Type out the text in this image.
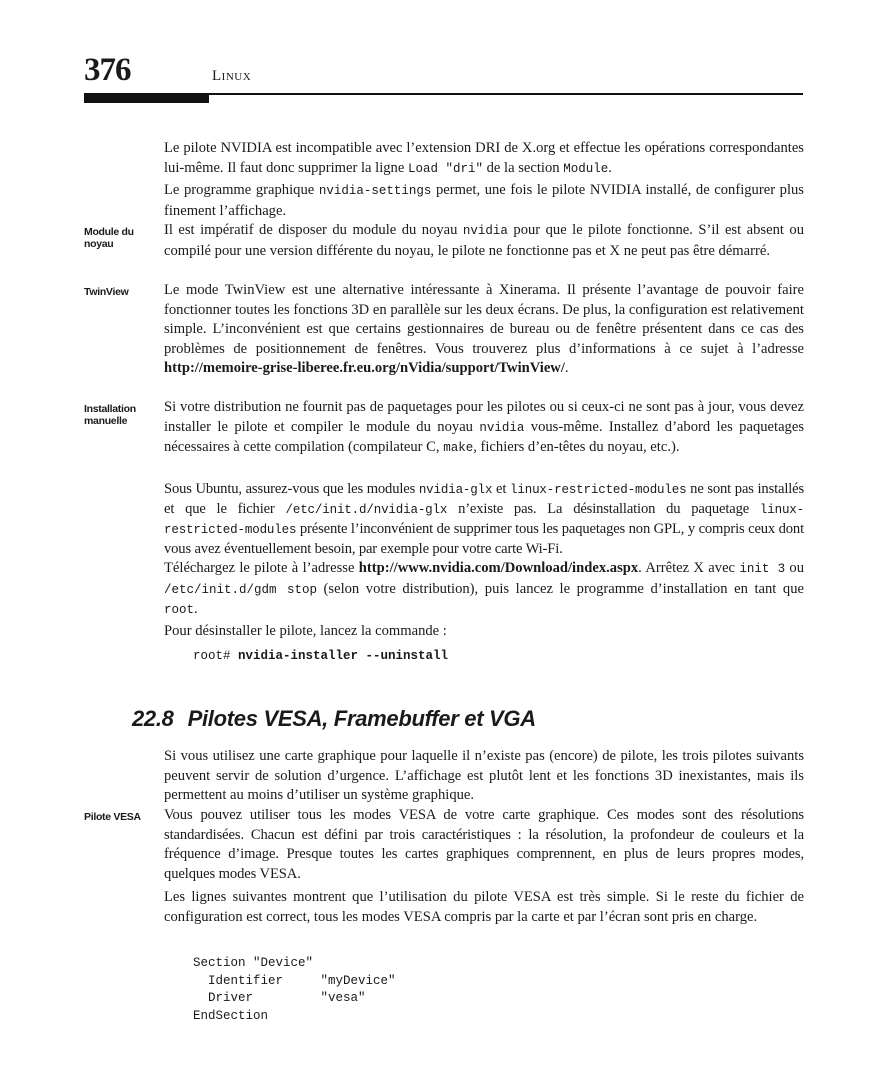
376	Linux

Le pilote NVIDIA est incompatible avec l’extension DRI de X.org et effectue les opérations correspondantes lui-même. Il faut donc supprimer la ligne Load "dri" de la section Module.

Le programme graphique nvidia-settings permet, une fois le pilote NVIDIA installé, de configurer plus finement l’affichage.

Module du noyau

Il est impératif de disposer du module du noyau nvidia pour que le pilote fonctionne. S’il est absent ou compilé pour une version différente du noyau, le pilote ne fonctionne pas et X ne peut pas être démarré.

TwinView	Le mode TwinView est une alternative intéressante à Xinerama. Il présente l’avantage de pouvoir faire fonctionner toutes les fonctions 3D en parallèle sur les deux écrans. De plus, la configuration est relativement simple. L’inconvénient est que certains gestionnaires de bureau ou de fenêtre présentent dans ce cas des problèmes de positionnement de fenêtres. Vous trouverez plus d’informations à ce sujet à l’adresse http://memoire-grise-liberee.fr.eu.org/nVidia/support/TwinView/.

Installation manuelle

Si votre distribution ne fournit pas de paquetages pour les pilotes ou si ceux-ci ne sont pas à jour, vous devez installer le pilote et compiler le module du noyau nvidia vous-même. Installez d’abord les paquetages nécessaires à cette compilation (compilateur C, make, fichiers d’en-têtes du noyau, etc.).

Sous Ubuntu, assurez-vous que les modules nvidia-glx et linux-restricted-modules ne sont pas installés et que le fichier /etc/init.d/nvidia-glx n’existe pas. La désinstallation du paquetage linux-restricted-modules présente l’inconvénient de supprimer tous les paquetages non GPL, y compris ceux dont vous avez éventuellement besoin, par exemple pour votre carte Wi-Fi.

Téléchargez le pilote à l’adresse http://www.nvidia.com/Download/index.aspx. Arrêtez X avec init 3 ou /etc/init.d/gdm stop (selon votre distribution), puis lancez le programme d’installation en tant que root.

Pour désinstaller le pilote, lancez la commande :

root# nvidia-installer --uninstall
22.8 Pilotes VESA, Framebuffer et VGA

Si vous utilisez une carte graphique pour laquelle il n’existe pas (encore) de pilote, les trois pilotes suivants peuvent servir de solution d’urgence. L’affichage est plutôt lent et les fonctions 3D inexistantes, mais ils permettent au moins d’utiliser un système graphique.

Pilote VESA	Vous pouvez utiliser tous les modes VESA de votre carte graphique. Ces modes sont des résolutions standardisées. Chacun est défini par trois caractéristiques : la résolution, la profondeur de couleurs et la fréquence d’image. Presque toutes les cartes graphiques comprennent, en plus de leurs propres modes, quelques modes VESA.

Les lignes suivantes montrent que l’utilisation du pilote VESA est très simple. Si le reste du fichier de configuration est correct, tous les modes VESA compris par la carte et par l’écran sont pris en charge.

Section "Device"
Identifier     "myDevice"
Driver         "vesa"
EndSection
